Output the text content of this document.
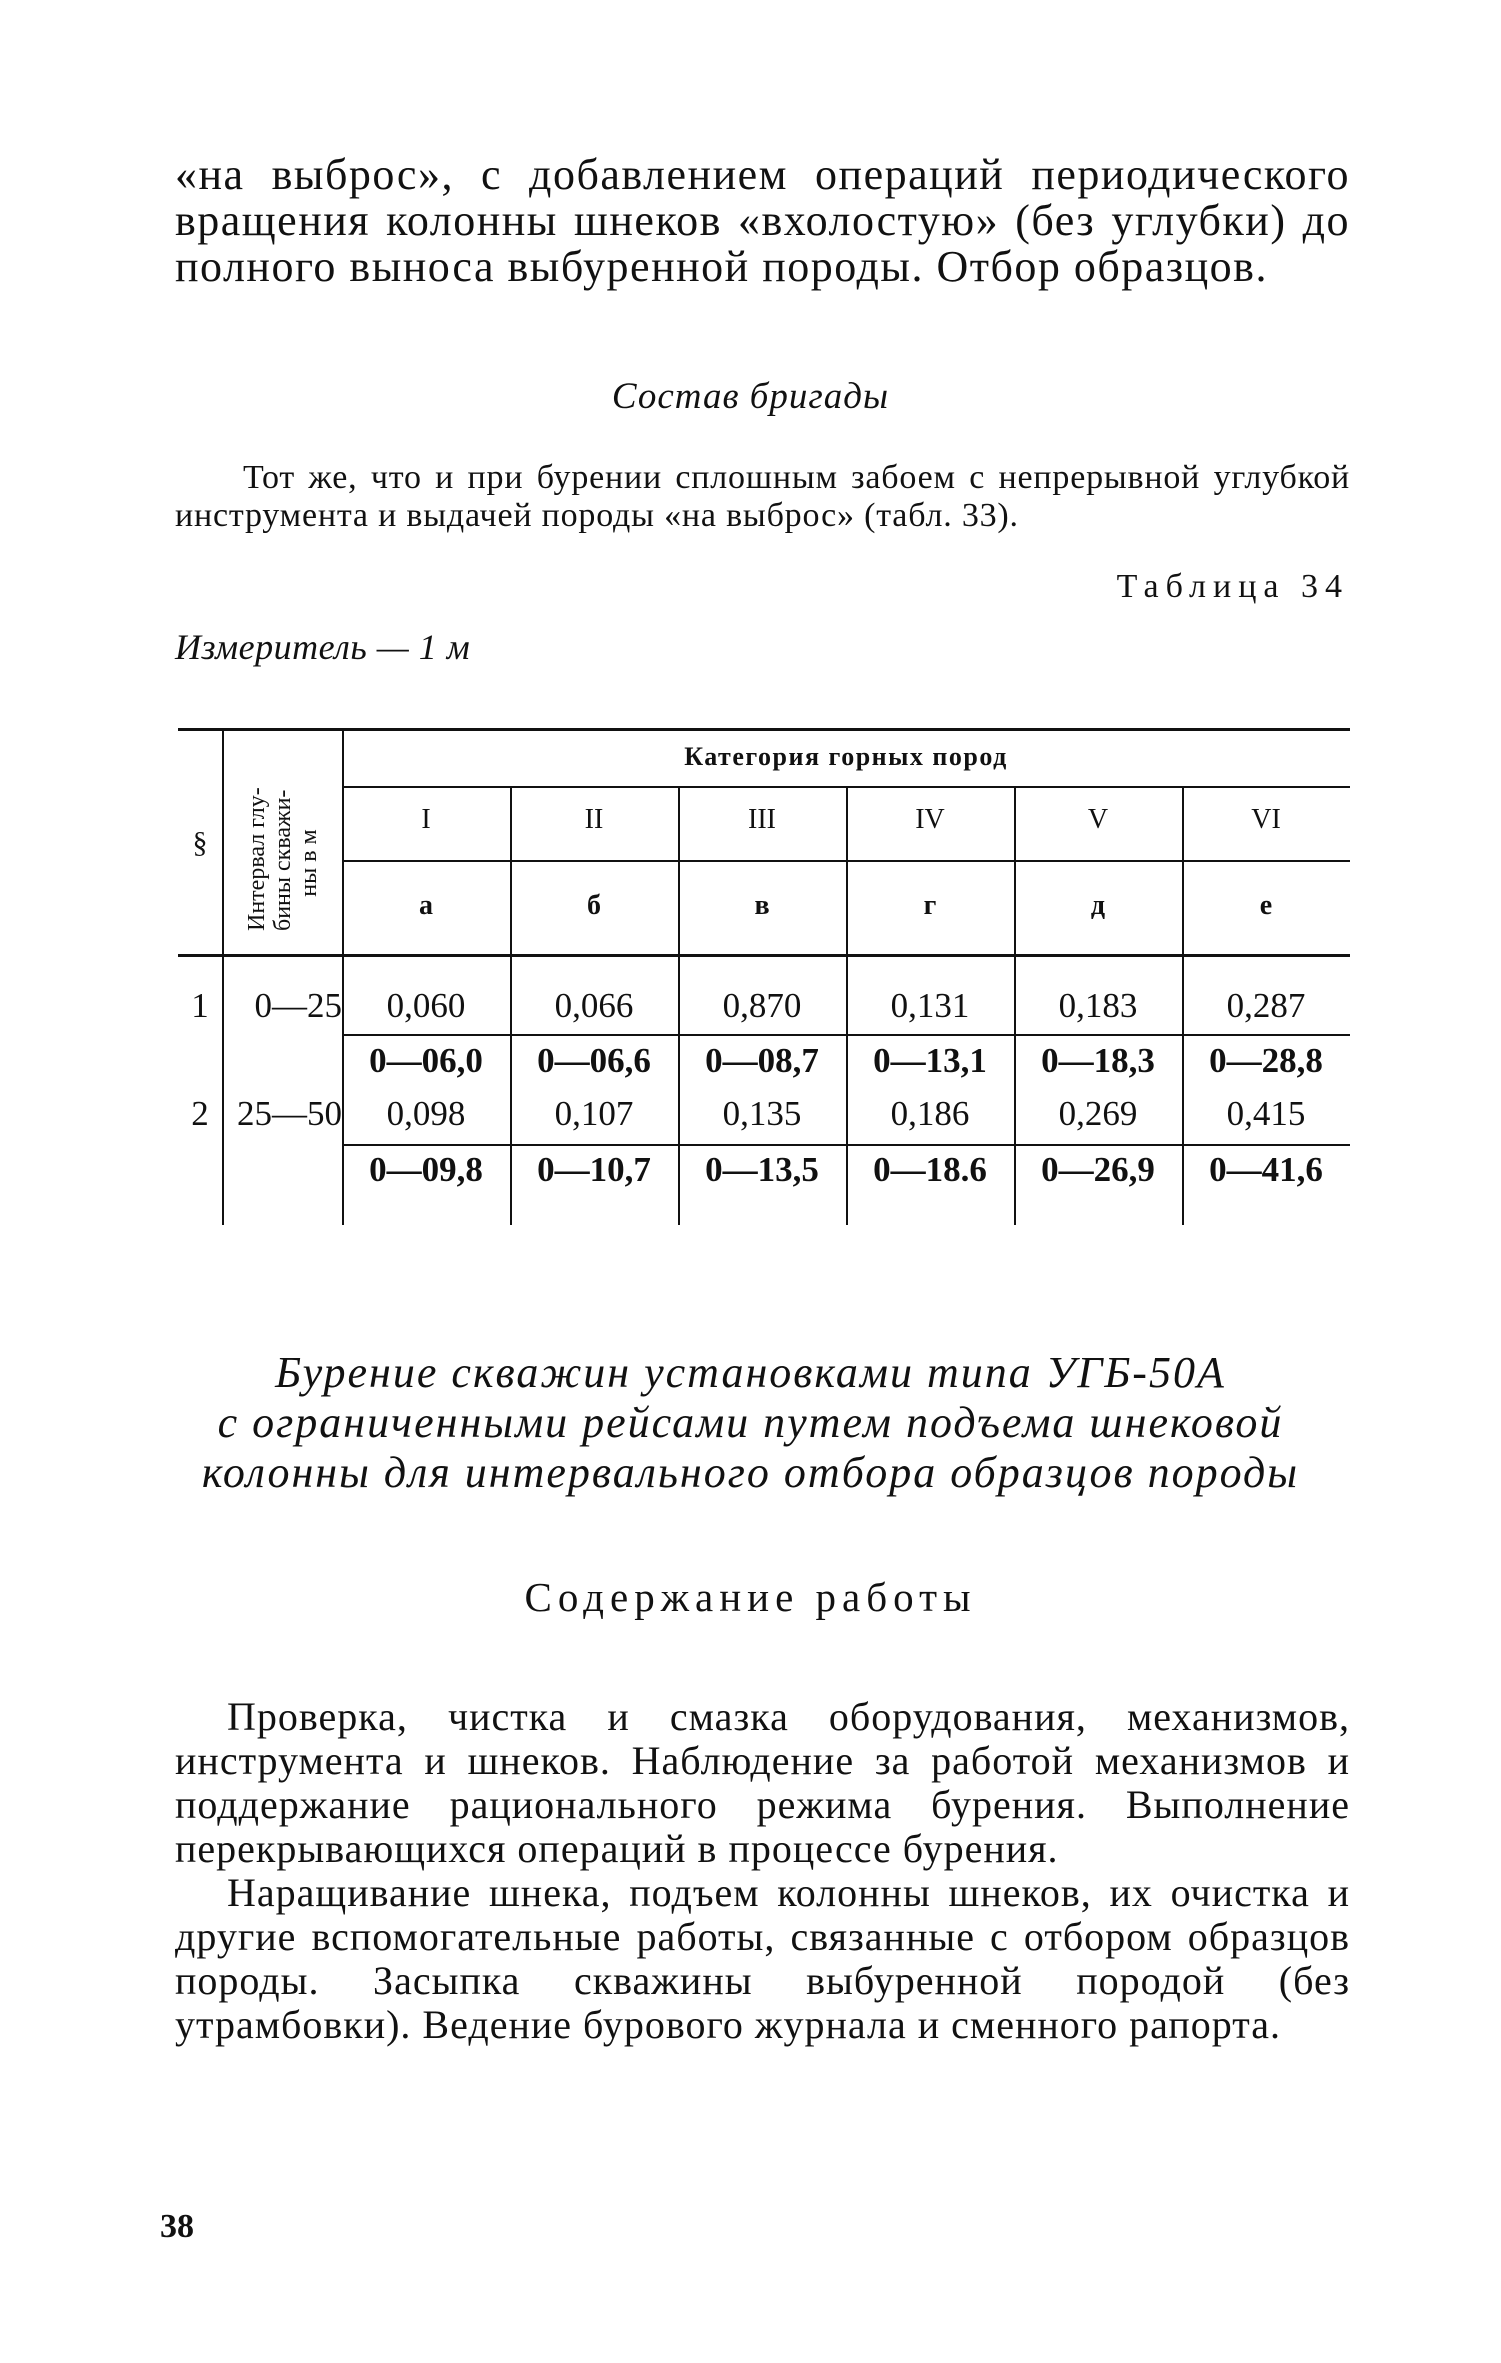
«на выброс», с добавлением операций периодического вращения колонны шнеков «вхолостую» (без углубки) до полного выноса выбуренной породы. Отбор образцов.
Состав бригады
Тот же, что и при бурении сплошным забоем с непрерывной углубкой инструмента и выдачей породы «на выброс» (табл. 33).
Таблица 34
Измеритель — 1 м
§	Интервал глу- бины скважи- ны в м
Категория горных пород
I	II	III	IV	V	VI
а	б	в	г	д	е
1	0—25	0,060	0,066	0,870	0,131	0,183	0,287
0—06,0	0—06,6	0—08,7	0—13,1	0—18,3	0—28,8
2 25—50	0,098	0,107	0,135	0,186	0,269	0,415
0—09,8	0—10,7	0—13,5	0—18.6	0—26,9	0—41,6
Бурение скважин установками типа УГБ-50А
с ограниченными рейсами путем подъема шнековой
колонны для интервального отбора образцов породы
Содержание работы

Проверка, чистка и смазка оборудования, механизмов, инструмента и шнеков. Наблюдение за работой механизмов и поддержание рационального режима бурения. Выполнение перекрывающихся операций в процессе бурения.

Наращивание шнека, подъем колонны шнеков, их очистка и другие вспомогательные работы, связанные с отбором образцов породы. Засыпка скважины выбуренной породой (без утрамбовки). Ведение бурового журнала и сменного рапорта.

38
